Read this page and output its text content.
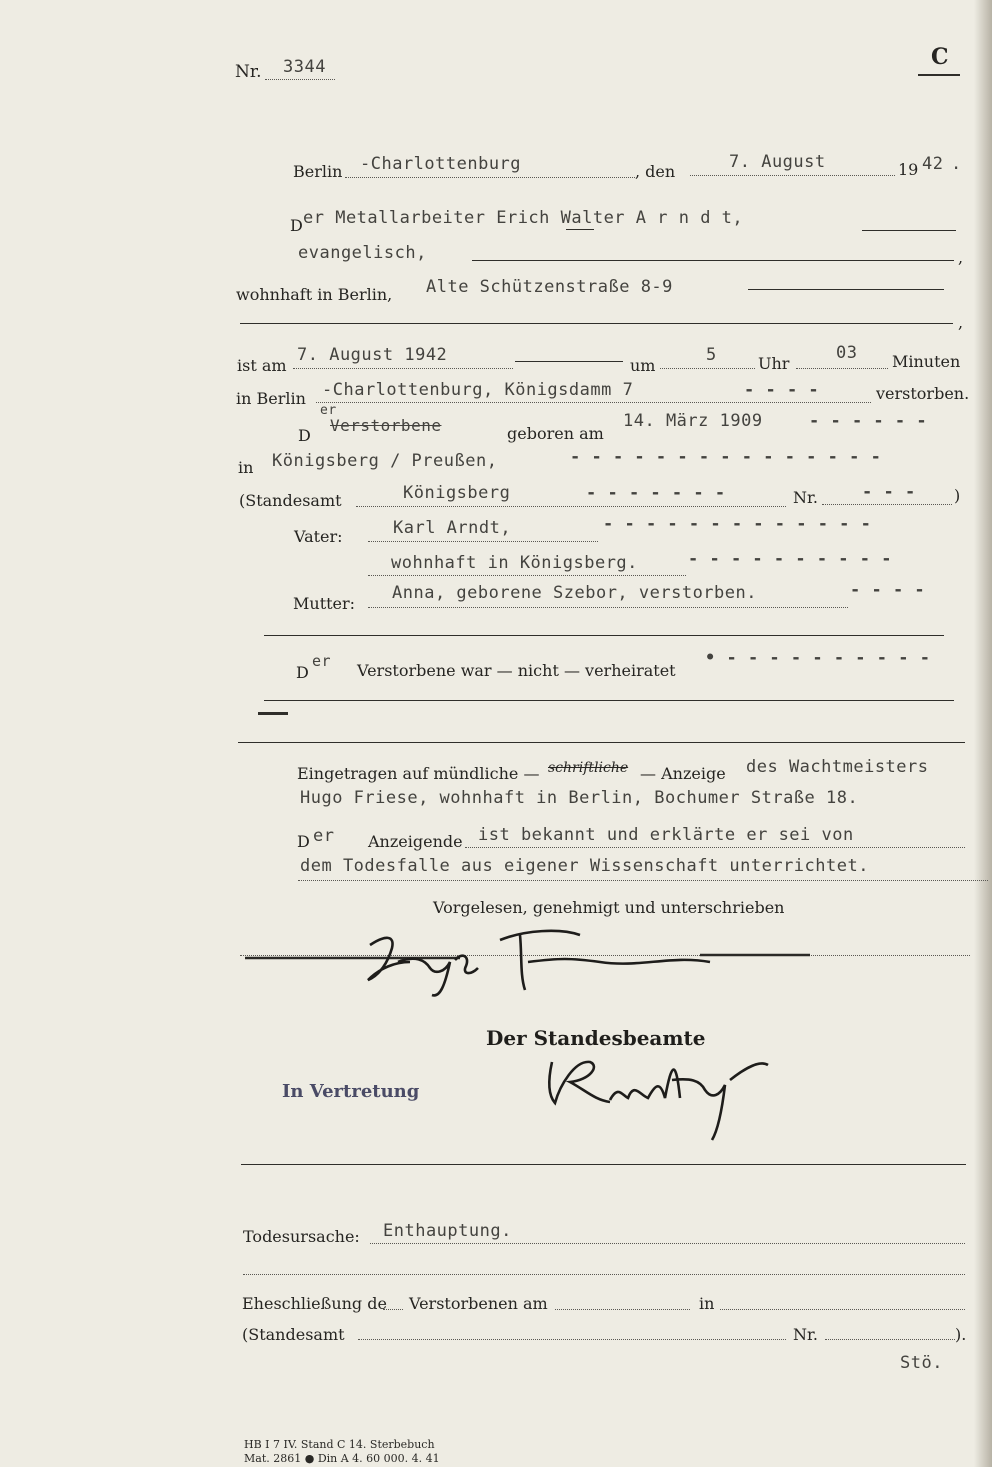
Nr. 3344	C
Berlin -Charlottenburg	, den	7. August	19 42 .
D er Metallarbeiter Erich Walter A r n d t,
evangelisch,	,
wohnhaft in Berlin, Alte Schützenstraße 8-9
,
ist am
7. August 1942
um
5	Uhr
03 Minuten
in Berlin -Charlottenburg, Königsdamm 7	- - - -	verstorben.
D
er
Verstorbene	geboren am
14. März 1909	- - - - - -
in Königsberg / Preußen,	- - - - - - - - - - - - - - -
(Standesamt	Königsberg	- - - - - - -	Nr.	- - - )
Vater:	Karl Arndt,	- - - - - - - - - - - - -
wohnhaft in Königsberg.	- - - - - - - - - -
Mutter:
Anna, geborene Szebor, verstorben.	- - - -
D
er Verstorbene war — nicht — verheiratet
• - - - - - - - - - -
Eingetragen auf mündliche — schriftliche — Anzeige des Wachtmeisters
Hugo Friese, wohnhaft in Berlin, Bochumer Straße 18.
D er Anzeigende ist bekannt und erklärte er sei von
dem Todesfalle aus eigener Wissenschaft unterrichtet.
Vorgelesen, genehmigt und unterschrieben
Der Standesbeamte
In Vertretung
Todesursache: Enthauptung.
Eheschließung de Verstorbenen am	in
(Standesamt	Nr.	).
Stö.
HB I 7 IV. Stand C 14. Sterbebuch
Mat. 2861 ● Din A 4. 60 000. 4. 41
